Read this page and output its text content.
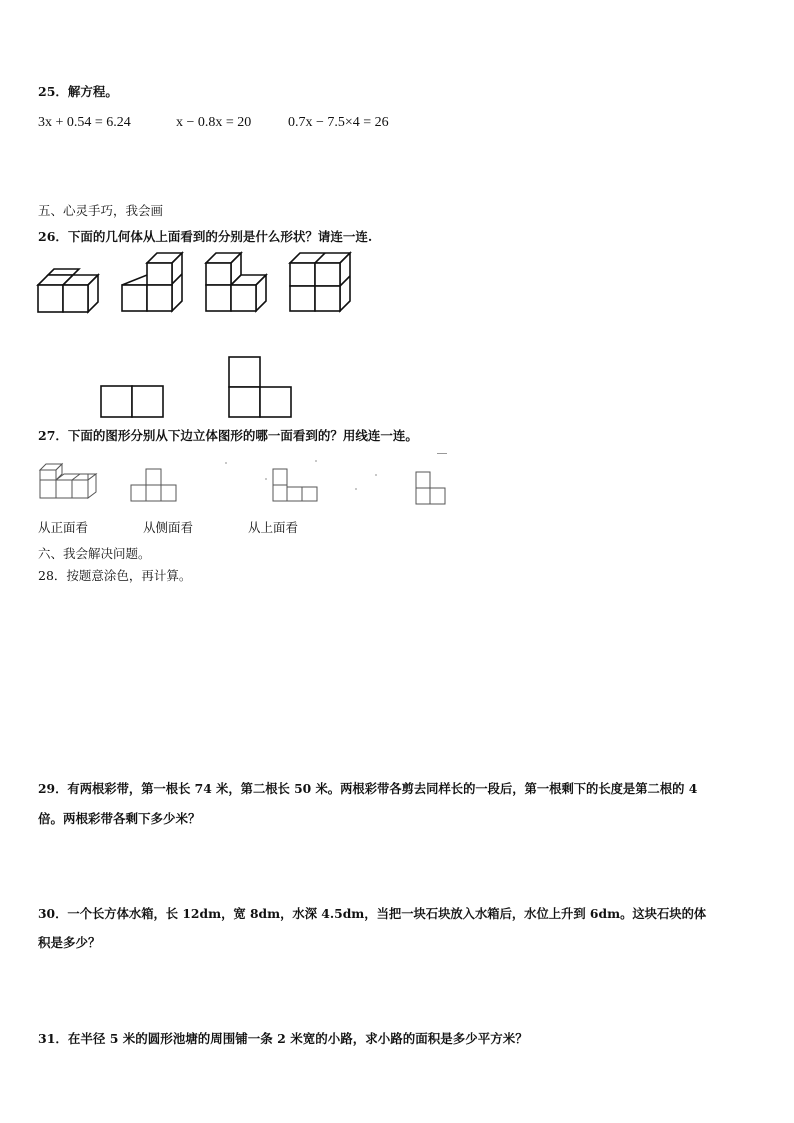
25．解方程。
3x + 0.54 = 6.24	x − 0.8x = 20	0.7x − 7.5×4 = 26
五、心灵手巧，我会画
26．下面的几何体从上面看到的分别是什么形状？请连一连.
27．下面的图形分别从下边立体图形的哪一面看到的？用线连一连。
从正面看	从侧面看	从上面看
六、我会解决问题。
28．按题意涂色，再计算。
29．有两根彩带，第一根长 74 米，第二根长 50 米。两根彩带各剪去同样长的一段后，第一根剩下的长度是第二根的 4
倍。两根彩带各剩下多少米？
30．一个长方体水箱，长 12dm，宽 8dm，水深 4.5dm，当把一块石块放入水箱后，水位上升到 6dm。这块石块的体
积是多少？
31．在半径 5 米的圆形池塘的周围铺一条 2 米宽的小路，求小路的面积是多少平方米？
